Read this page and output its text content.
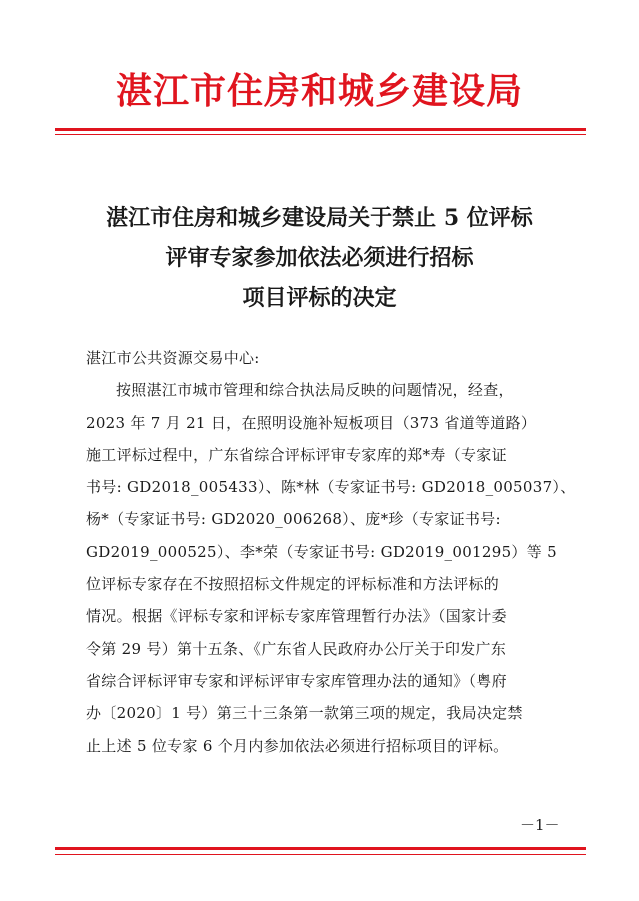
湛江市住房和城乡建设局
湛江市住房和城乡建设局关于禁止 5 位评标
评审专家参加依法必须进行招标
项目评标的决定
湛江市公共资源交易中心:
按照湛江市城市管理和综合执法局反映的问题情况，经查，
2023 年 7 月 21 日，在照明设施补短板项目（373 省道等道路）
施工评标过程中，广东省综合评标评审专家库的郑*寿（专家证
书号: GD2018_005433）、陈*林（专家证书号: GD2018_005037）、
杨*（专家证书号: GD2020_006268）、庞*珍（专家证书号:
GD2019_000525）、李*荣（专家证书号: GD2019_001295）等 5
位评标专家存在不按照招标文件规定的评标标准和方法评标的
情况。根据《评标专家和评标专家库管理暂行办法》（国家计委
令第 29 号）第十五条、《广东省人民政府办公厅关于印发广东
省综合评标评审专家和评标评审专家库管理办法的通知》（粤府
办〔2020〕1 号）第三十三条第一款第三项的规定，我局决定禁
止上述 5 位专家 6 个月内参加依法必须进行招标项目的评标。
－1－
